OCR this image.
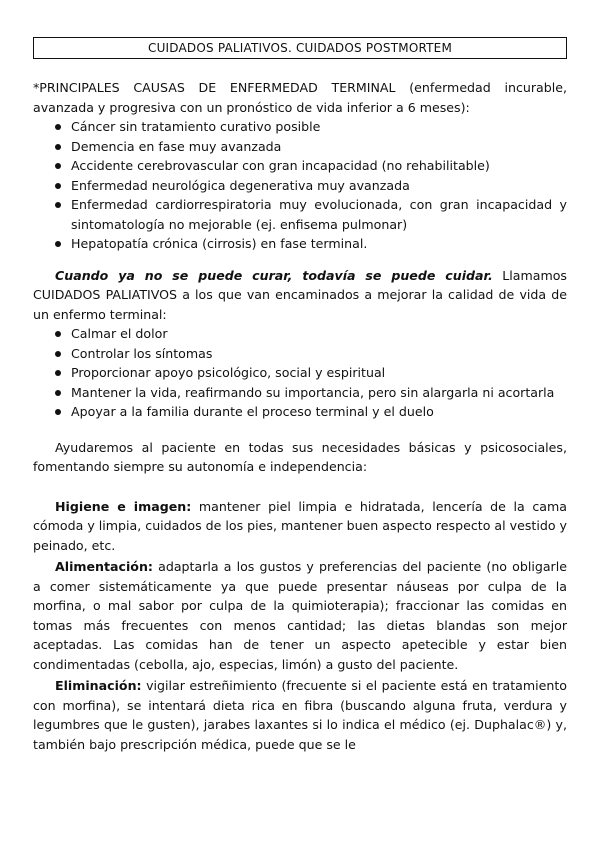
CUIDADOS PALIATIVOS. CUIDADOS POSTMORTEM

*PRINCIPALES CAUSAS DE ENFERMEDAD TERMINAL (enfermedad incurable, avanzada y progresiva con un pronóstico de vida inferior a 6 meses):

Cáncer sin tratamiento curativo posible
Demencia en fase muy avanzada
Accidente cerebrovascular con gran incapacidad (no rehabilitable)
Enfermedad neurológica degenerativa muy avanzada
Enfermedad cardiorrespiratoria muy evolucionada, con gran incapacidad y sintomatología no mejorable (ej. enfisema pulmonar)
Hepatopatía crónica (cirrosis) en fase terminal.

Cuando ya no se puede curar, todavía se puede cuidar. Llamamos CUIDADOS PALIATIVOS a los que van encaminados a mejorar la calidad de vida de un enfermo terminal:

Calmar el dolor
Controlar los síntomas
Proporcionar apoyo psicológico, social y espiritual
Mantener la vida, reafirmando su importancia, pero sin alargarla ni acortarla
Apoyar a la familia durante el proceso terminal y el duelo

Ayudaremos al paciente en todas sus necesidades básicas y psicosociales, fomentando siempre su autonomía e independencia:

Higiene e imagen: mantener piel limpia e hidratada, lencería de la cama cómoda y limpia, cuidados de los pies, mantener buen aspecto respecto al vestido y peinado, etc.

Alimentación: adaptarla a los gustos y preferencias del paciente (no obligarle a comer sistemáticamente ya que puede presentar náuseas por culpa de la morfina, o mal sabor por culpa de la quimioterapia); fraccionar las comidas en tomas más frecuentes con menos cantidad; las dietas blandas son mejor aceptadas. Las comidas han de tener un aspecto apetecible y estar bien condimentadas (cebolla, ajo, especias, limón) a gusto del paciente.

Eliminación: vigilar estreñimiento (frecuente si el paciente está en tratamiento con morfina), se intentará dieta rica en fibra (buscando alguna fruta, verdura y legumbres que le gusten), jarabes laxantes si lo indica el médico (ej. Duphalac®) y, también bajo prescripción médica, puede que se le
